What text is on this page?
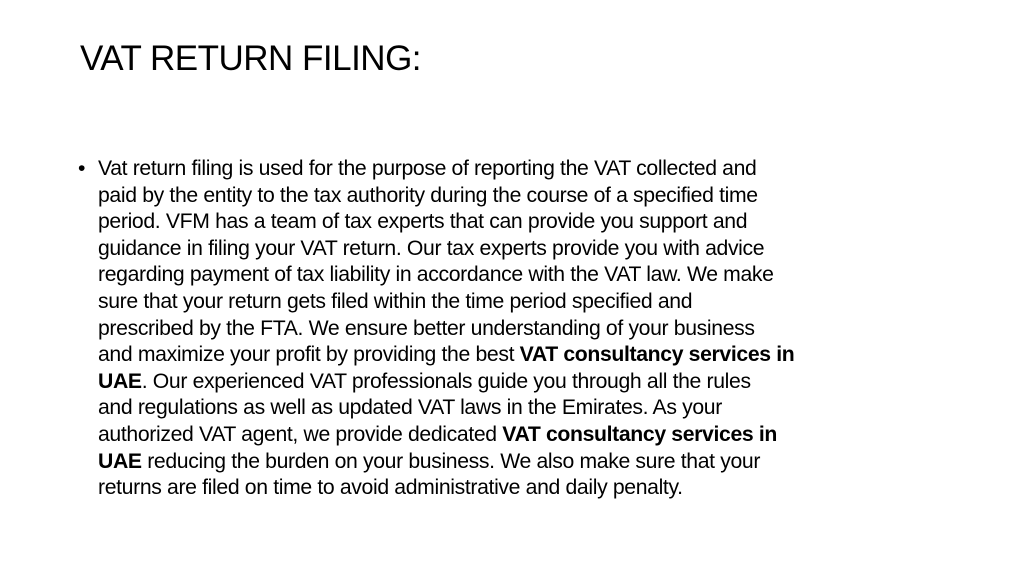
VAT RETURN FILING:
• Vat return filing is used for the purpose of reporting the VAT collected and
paid by the entity to the tax authority during the course of a specified time
period. VFM has a team of tax experts that can provide you support and
guidance in filing your VAT return. Our tax experts provide you with advice
regarding payment of tax liability in accordance with the VAT law. We make
sure that your return gets filed within the time period specified and
prescribed by the FTA. We ensure better understanding of your business
and maximize your profit by providing the best VAT consultancy services in
UAE. Our experienced VAT professionals guide you through all the rules
and regulations as well as updated VAT laws in the Emirates. As your
authorized VAT agent, we provide dedicated VAT consultancy services in
UAE reducing the burden on your business. We also make sure that your
returns are filed on time to avoid administrative and daily penalty.
